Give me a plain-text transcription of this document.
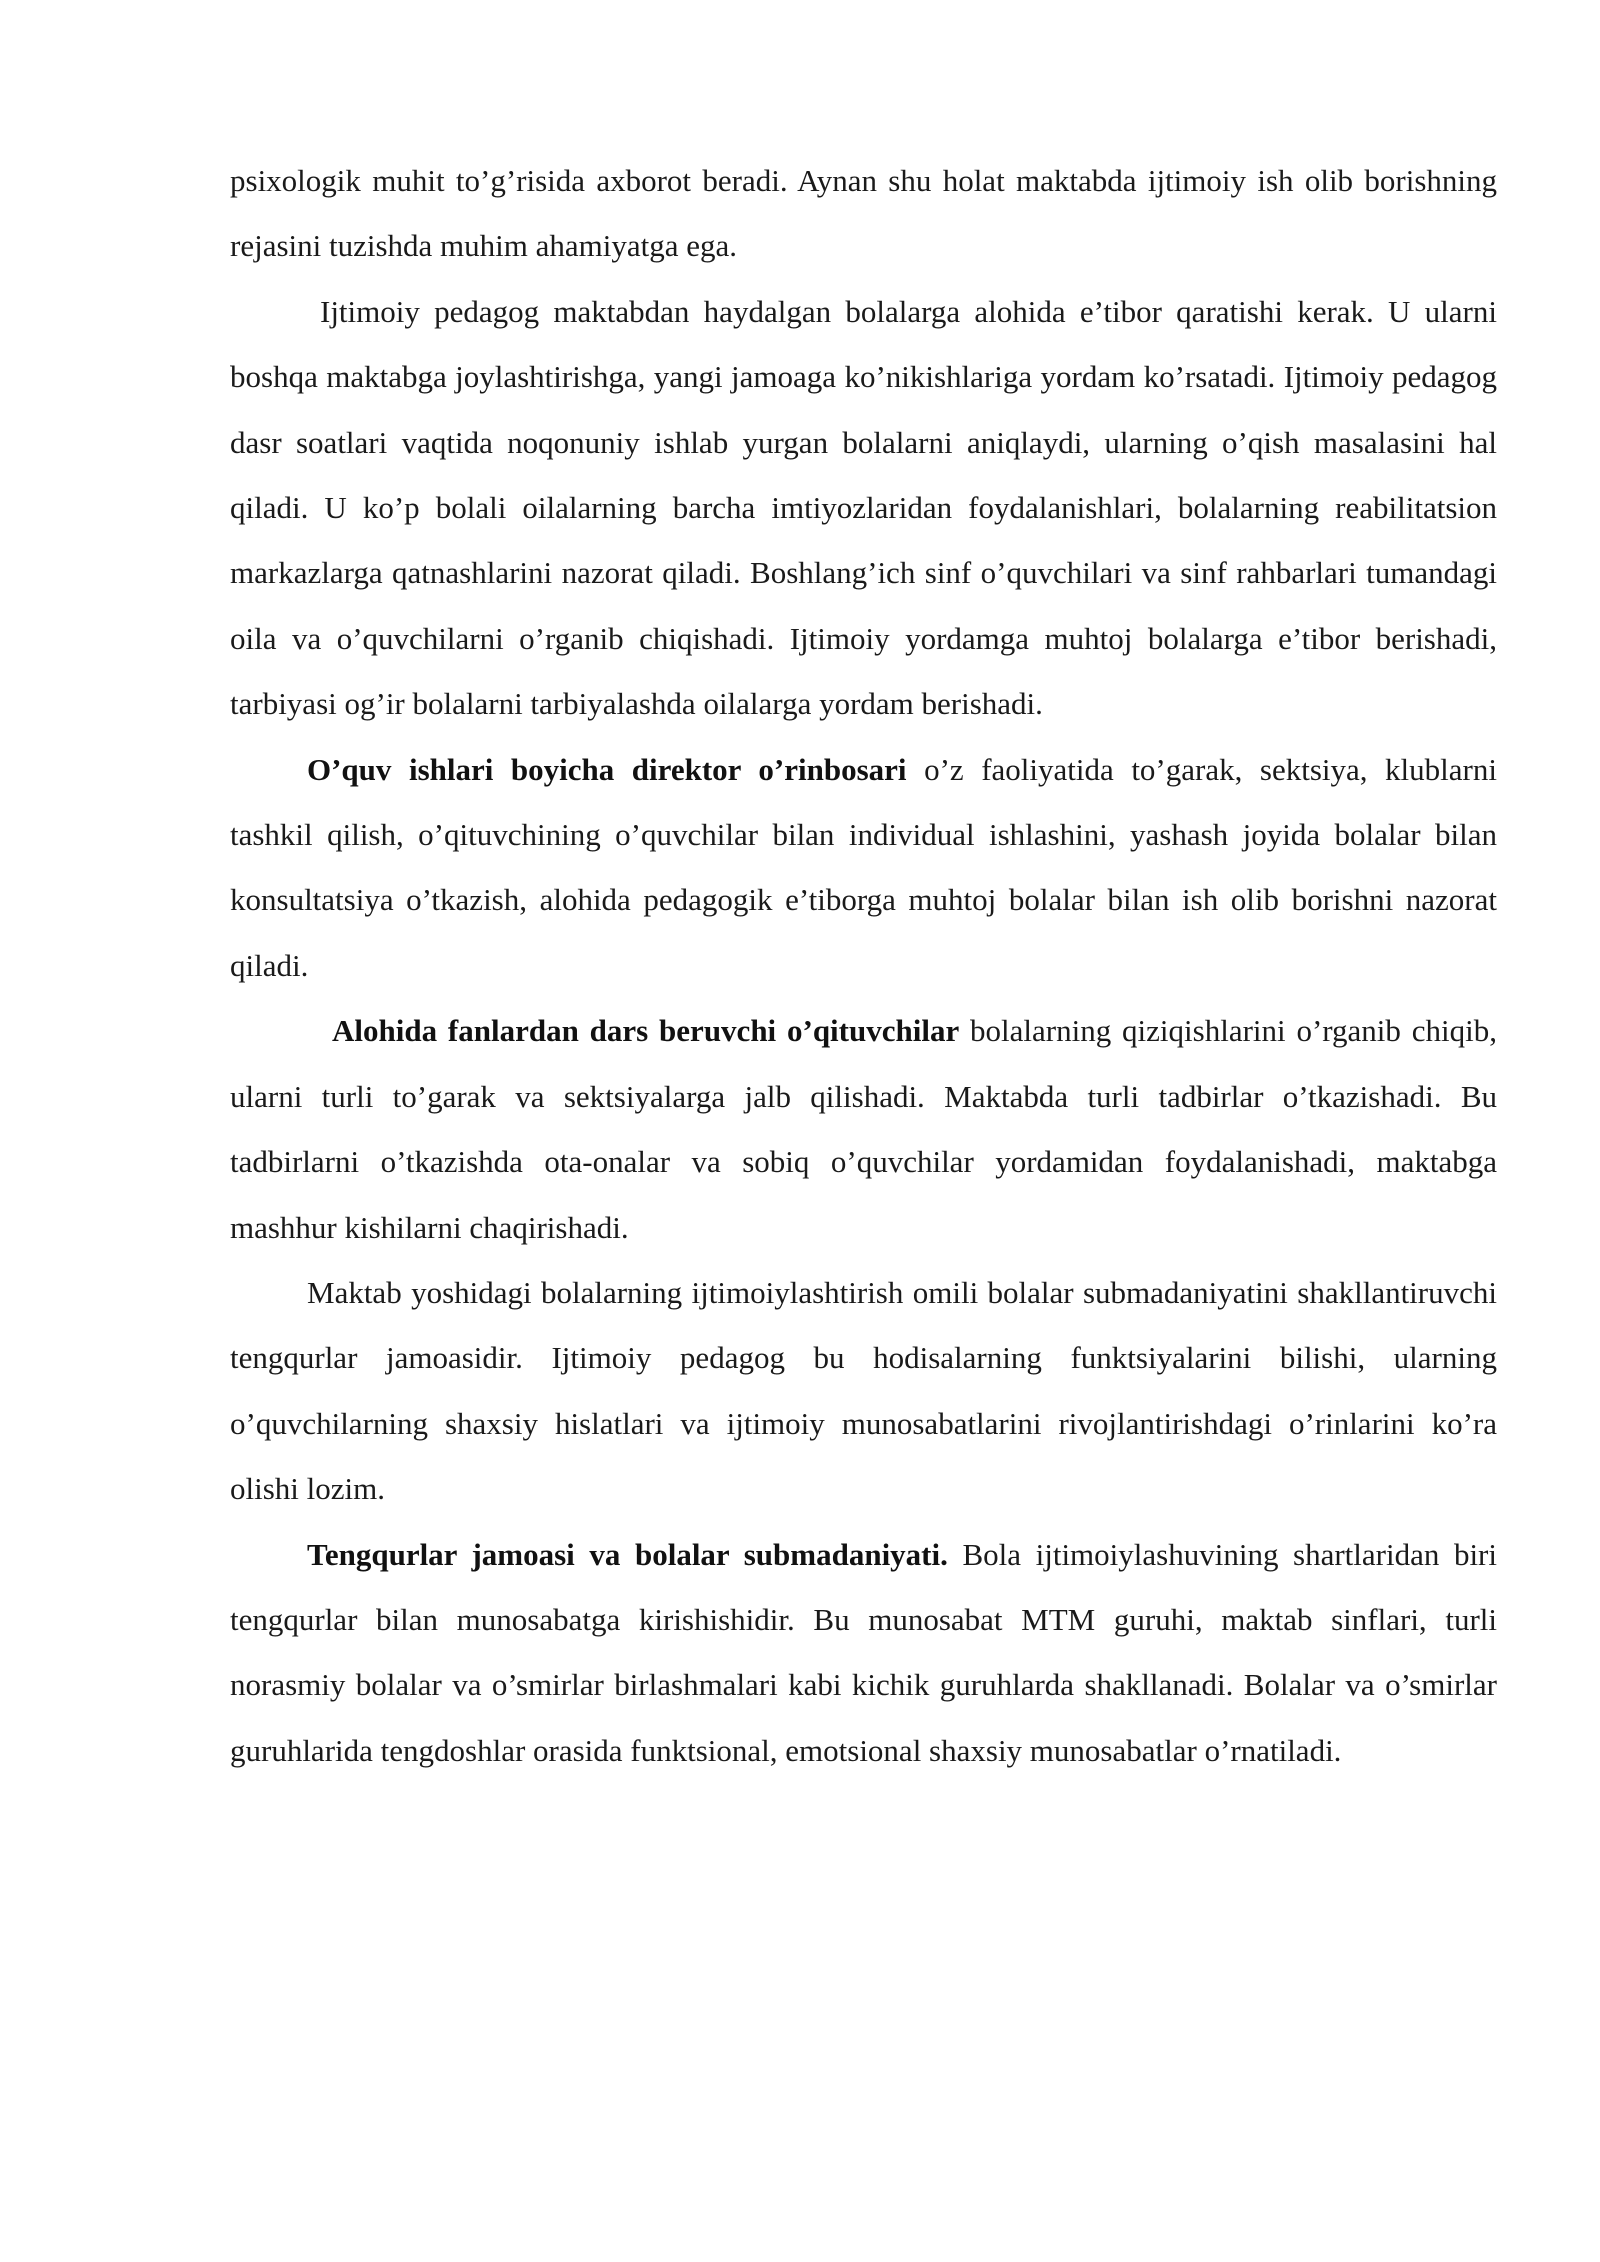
psixologik muhit to’g’risida axborot beradi. Aynan shu holat maktabda ijtimoiy ish olib borishning rejasini tuzishda muhim ahamiyatga ega.

Ijtimoiy pedagog maktabdan haydalgan bolalarga alohida e’tibor qaratishi kerak. U ularni boshqa maktabga joylashtirishga, yangi jamoaga ko’nikishlariga yordam ko’rsatadi. Ijtimoiy pedagog dasr soatlari vaqtida noqonuniy ishlab yurgan bolalarni aniqlaydi, ularning o’qish masalasini hal qiladi. U ko’p bolali oilalarning barcha imtiyozlaridan foydalanishlari, bolalarning reabilitatsion markazlarga qatnashlarini nazorat qiladi. Boshlang’ich sinf o’quvchilari va sinf rahbarlari tumandagi oila va o’quvchilarni o’rganib chiqishadi. Ijtimoiy yordamga muhtoj bolalarga e’tibor berishadi, tarbiyasi og’ir bolalarni tarbiyalashda oilalarga yordam berishadi.

O’quv ishlari boyicha direktor o’rinbosari o’z faoliyatida to’garak, sektsiya, klublarni tashkil qilish, o’qituvchining o’quvchilar bilan individual ishlashini, yashash joyida bolalar bilan konsultatsiya o’tkazish, alohida pedagogik e’tiborga muhtoj bolalar bilan ish olib borishni nazorat qiladi.

Alohida fanlardan dars beruvchi o’qituvchilar bolalarning qiziqishlarini o’rganib chiqib, ularni turli to’garak va sektsiyalarga jalb qilishadi. Maktabda turli tadbirlar o’tkazishadi. Bu tadbirlarni o’tkazishda ota-onalar va sobiq o’quvchilar yordamidan foydalanishadi, maktabga mashhur kishilarni chaqirishadi.

Maktab yoshidagi bolalarning ijtimoiylashtirish omili bolalar submadaniyatini shakllantiruvchi tengqurlar jamoasidir. Ijtimoiy pedagog bu hodisalarning funktsiyalarini bilishi, ularning o’quvchilarning shaxsiy hislatlari va ijtimoiy munosabatlarini rivojlantirishdagi o’rinlarini ko’ra olishi lozim.

Tengqurlar jamoasi va bolalar submadaniyati. Bola ijtimoiylashuvining shartlaridan biri tengqurlar bilan munosabatga kirishishidir. Bu munosabat MTM guruhi, maktab sinflari, turli norasmiy bolalar va o’smirlar birlashmalari kabi kichik guruhlarda shakllanadi. Bolalar va o’smirlar guruhlarida tengdoshlar orasida funktsional, emotsional shaxsiy munosabatlar o’rnatiladi.
